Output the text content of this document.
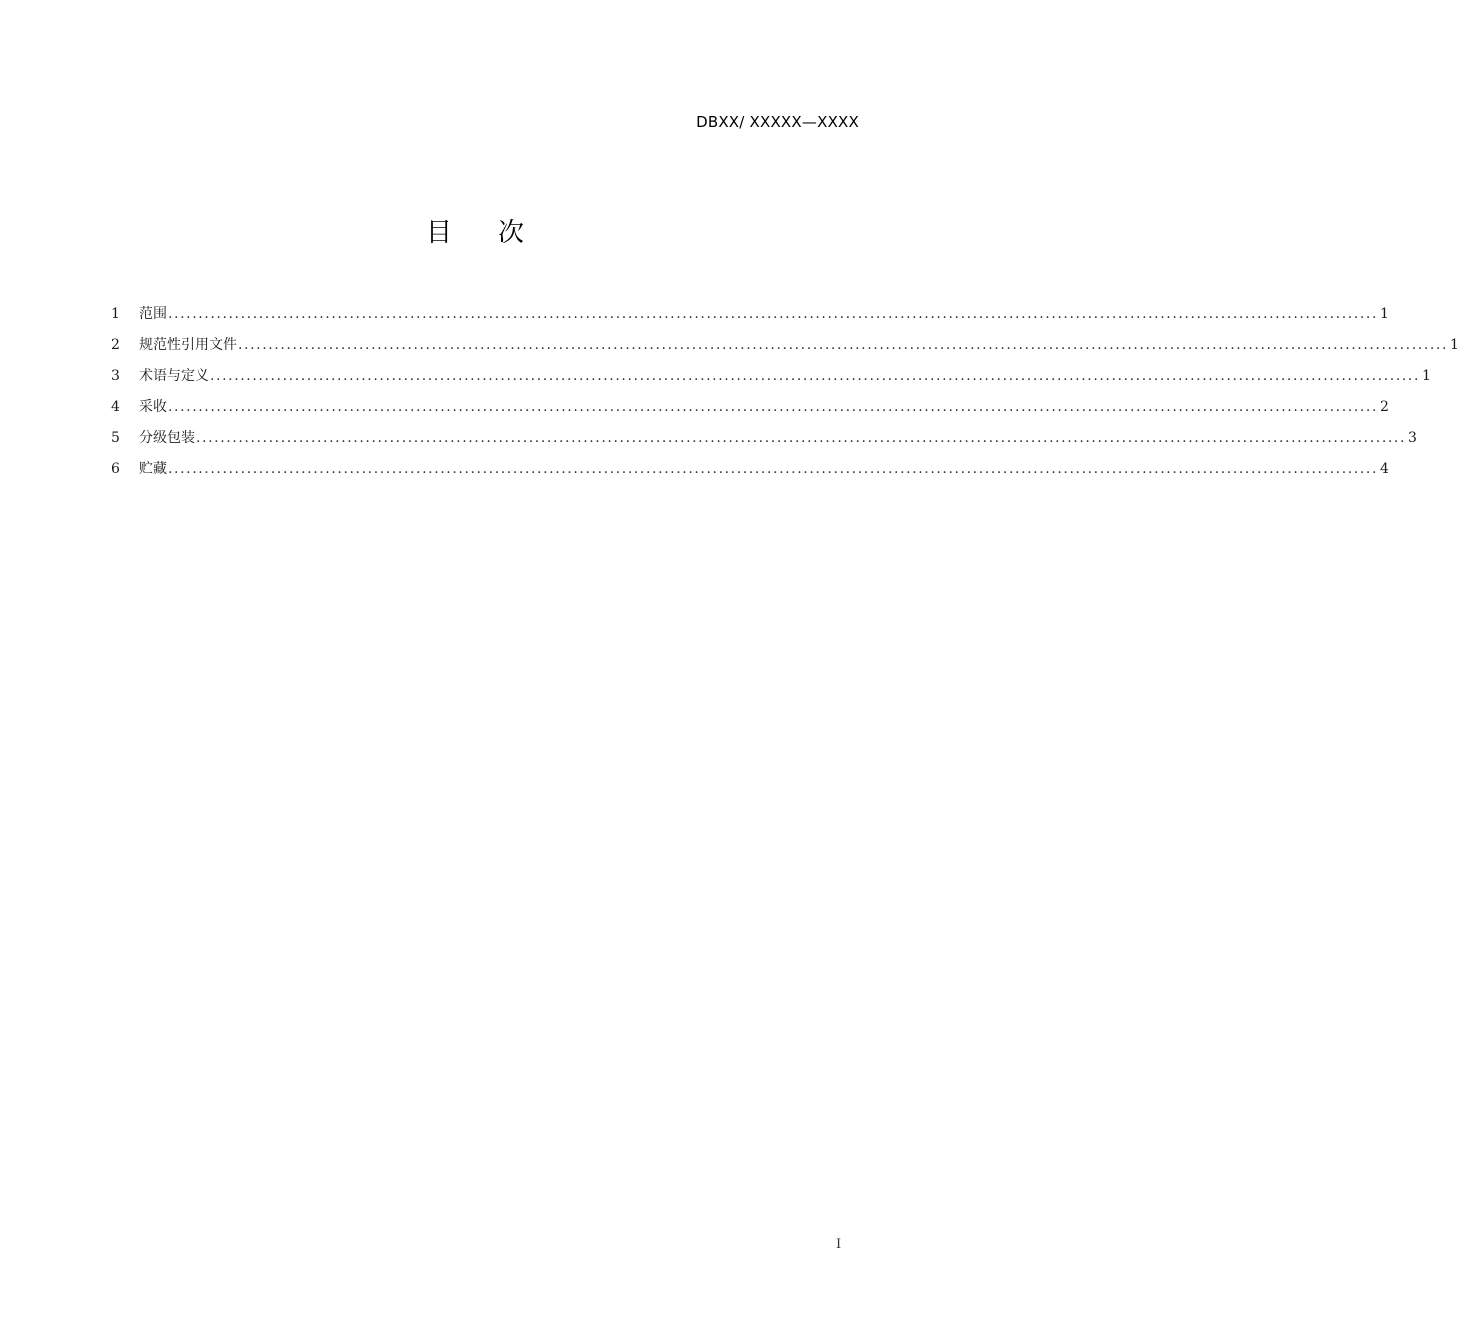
DBXX/ XXXXX—XXXX
目 次
1	范围 ........................................................................................................................................................................................................ 1
2	规范性引用文件 ........................................................................................................................................................................................................ 1
3	术语与定义 ........................................................................................................................................................................................................ 1
4	采收 ........................................................................................................................................................................................................ 2
5	分级包装 ........................................................................................................................................................................................................ 3
6	贮藏 ........................................................................................................................................................................................................ 4
I
